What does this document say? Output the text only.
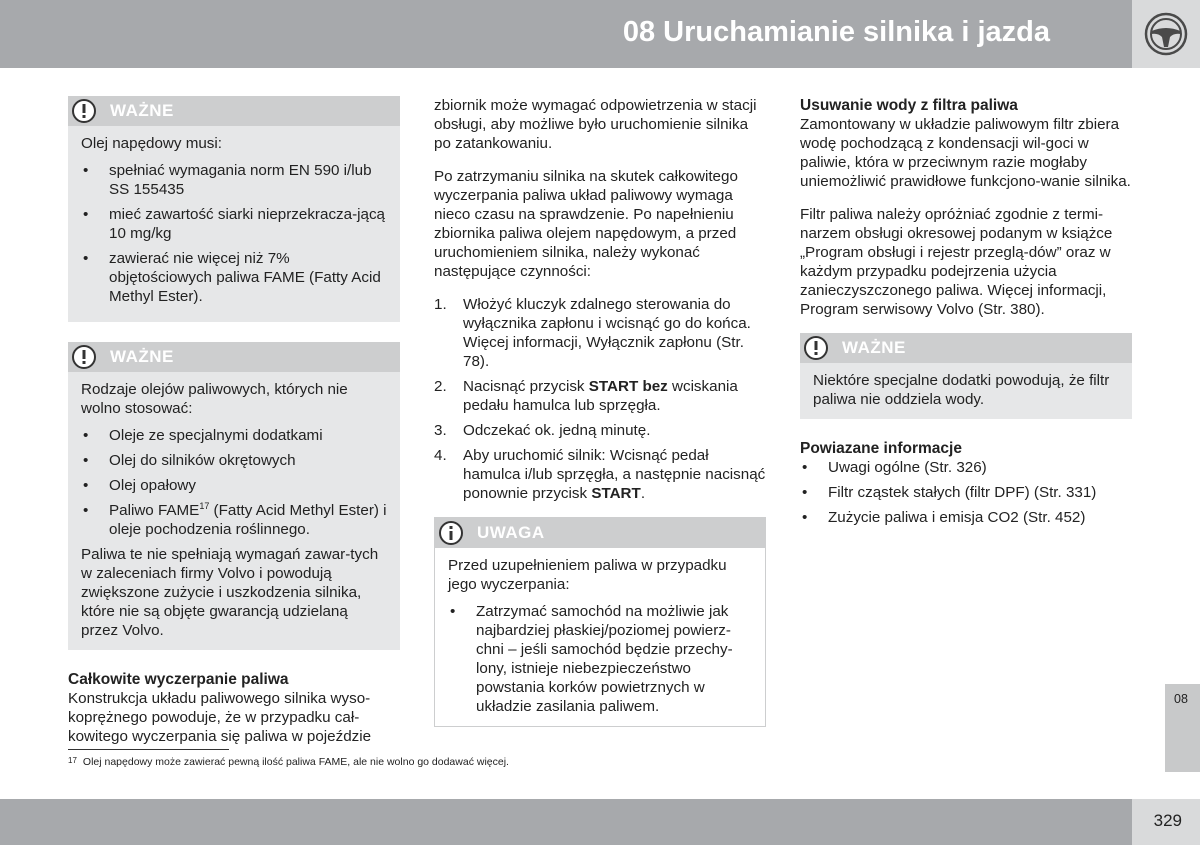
08 Uruchamianie silnika i jazda
WAŻNE

Olej napędowy musi:

• spełniać wymagania norm EN 590 i/lub SS 155435
• mieć zawartość siarki nieprzekracza-jącą 10 mg/kg
• zawierać nie więcej niż 7% objętościowych paliwa FAME (Fatty Acid Methyl Ester).
WAŻNE

Rodzaje olejów paliwowych, których nie wolno stosować:

• Oleje ze specjalnymi dodatkami
• Olej do silników okrętowych
• Olej opałowy
• Paliwo FAME$^{17}$ (Fatty Acid Methyl Ester) i oleje pochodzenia roślinnego.

Paliwa te nie spełniają wymagań zawar-tych w zaleceniach firmy Volvo i powodują zwiększone zużycie i uszkodzenia silnika, które nie są objęte gwarancją udzielaną przez Volvo.

Całkowite wyczerpanie paliwa

Konstrukcja układu paliwowego silnika wyso-koprężnego powoduje, że w przypadku cał-kowitego wyczerpania się paliwa w pojeździe

zbiornik może wymagać odpowietrzenia w stacji obsługi, aby możliwe było uruchomienie silnika po zatankowaniu.

Po zatrzymaniu silnika na skutek całkowitego wyczerpania paliwa układ paliwowy wymaga nieco czasu na sprawdzenie. Po napełnieniu zbiornika paliwa olejem napędowym, a przed uruchomieniem silnika, należy wykonać następujące czynności:

1. Włożyć kluczyk zdalnego sterowania do wyłącznika zapłonu i wcisnąć go do końca. Więcej informacji, Wyłącznik zapłonu (Str. 78).
2. Nacisnąć przycisk START bez wciskania pedału hamulca lub sprzęgła.
3. Odczekać ok. jedną minutę.
4. Aby uruchomić silnik: Wcisnąć pedał hamulca i/lub sprzęgła, a następnie nacisnąć ponownie przycisk START.
UWAGA

Przed uzupełnieniem paliwa w przypadku jego wyczerpania:

• Zatrzymać samochód na możliwie jak najbardziej płaskiej/poziomej powierz-chni – jeśli samochód będzie przechy-lony, istnieje niebezpieczeństwo powstania korków powietrznych w układzie zasilania paliwem.
Usuwanie wody z filtra paliwa

Zamontowany w układzie paliwowym filtr zbiera wodę pochodzącą z kondensacji wil-goci w paliwie, która w przeciwnym razie mogłaby uniemożliwić prawidłowe funkcjono-wanie silnika.

Filtr paliwa należy opróżniać zgodnie z termi-narzem obsługi okresowej podanym w książce „Program obsługi i rejestr przeglą-dów” oraz w każdym przypadku podejrzenia użycia zanieczyszczonego paliwa. Więcej informacji, Program serwisowy Volvo (Str. 380).

WAŻNE

Niektóre specjalne dodatki powodują, że filtr paliwa nie oddziela wody.

Powiazane informacje
• Uwagi ogólne (Str. 326)
• Filtr cząstek stałych (filtr DPF) (Str. 331)
• Zużycie paliwa i emisja CO2 (Str. 452)
$^{17}$ Olej napędowy może zawierać pewną ilość paliwa FAME, ale nie wolno go dodawać więcej.
08
329
